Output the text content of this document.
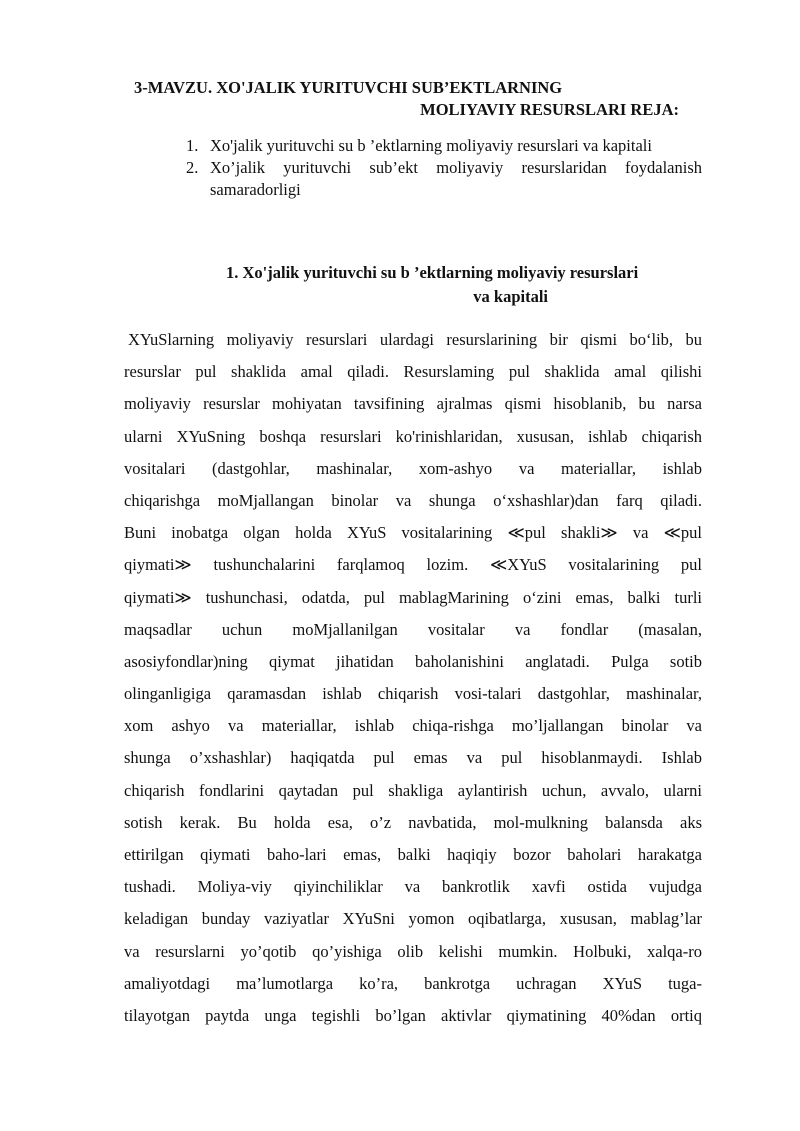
3-MAVZU. XO'JALIK YURITUVCHI SUB’EKTLARNING
MOLIYAVIY RESURSLARI REJA:
1. Xo'jalik yurituvchi su b ’ektlarning moliyaviy resurslari va kapitali
2. Xo’jalik yurituvchi sub’ekt moliyaviy resurslaridan foydalanish samaradorligi
1. Xo'jalik yurituvchi su b ’ektlarning moliyaviy resurslari
va kapitali
XYuSlarning moliyaviy resurslari ulardagi resurslarining bir qismi bo‘lib, bu
resurslar pul shaklida amal qiladi. Resurslaming pul shaklida amal qilishi
moliyaviy resurslar mohiyatan tavsifining ajralmas qismi hisoblanib, bu narsa
ularni XYuSning boshqa resurslari ko'rinishlaridan, xususan, ishlab chiqarish
vositalari (dastgohlar, mashinalar, xom-ashyo va materiallar, ishlab
chiqarishga moMjallangan binolar va shunga o‘xshashlar)dan farq qiladi.
Buni inobatga olgan holda XYuS vositalarining ≪pul shakli≫ va ≪pul
qiymati≫ tushunchalarini farqlamoq lozim. ≪XYuS vositalarining pul
qiymati≫ tushunchasi, odatda, pul mablagMarining o‘zini emas, balki turli
maqsadlar uchun moMjallanilgan vositalar va fondlar (masalan,
asosiyfondlar)ning qiymat jihatidan baholanishini anglatadi. Pulga sotib
olinganligiga qaramasdan ishlab chiqarish vosi-talari dastgohlar, mashinalar,
xom ashyo va materiallar, ishlab chiqa-rishga mo’ljallangan binolar va
shunga o’xshashlar) haqiqatda pul emas va pul hisoblanmaydi. Ishlab
chiqarish fondlarini qaytadan pul shakliga aylantirish uchun, avvalo, ularni
sotish kerak. Bu holda esa, o’z navbatida, mol-mulkning balansda aks
ettirilgan qiymati baho-lari emas, balki haqiqiy bozor baholari harakatga
tushadi. Moliya-viy qiyinchiliklar va bankrotlik xavfi ostida vujudga
keladigan bunday vaziyatlar XYuSni yomon oqibatlarga, xususan, mablag’lar
va resurslarni yo’qotib qo’yishiga olib kelishi mumkin. Holbuki, xalqa-ro
amaliyotdagi ma’lumotlarga ko’ra, bankrotga uchragan XYuS tuga-
tilayotgan paytda unga tegishli bo’lgan aktivlar qiymatining 40%dan ortiq
